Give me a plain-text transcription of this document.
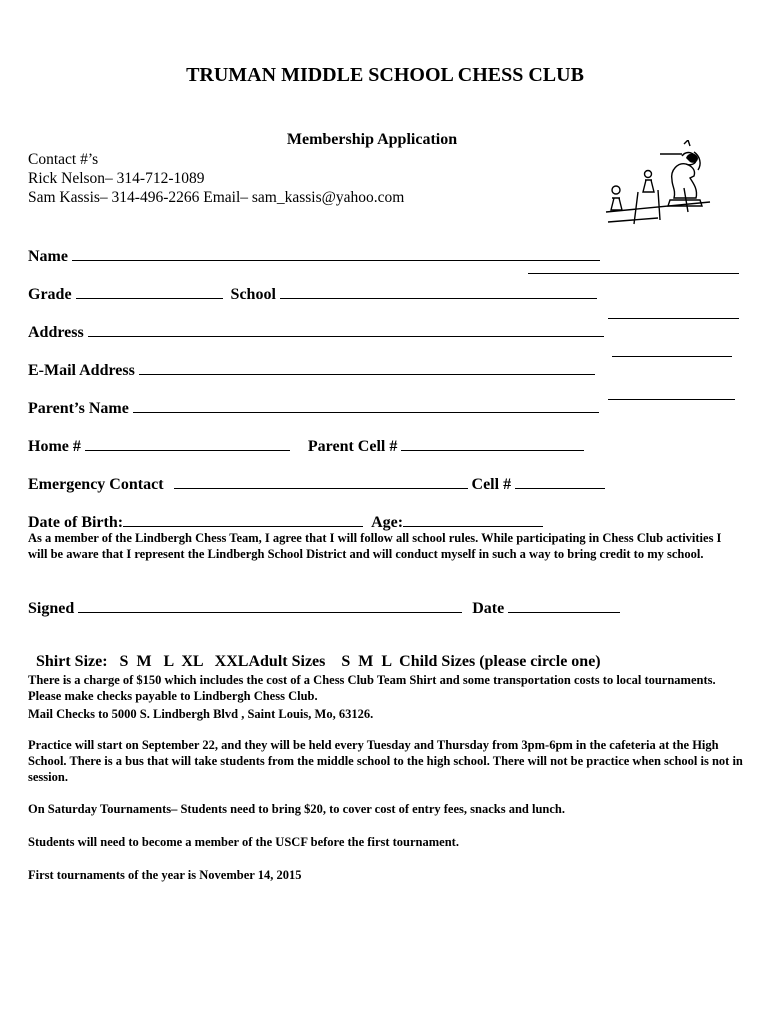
TRUMAN MIDDLE SCHOOL CHESS CLUB
Membership Application
Contact #’s
Rick Nelson– 314-712-1089
Sam Kassis– 314-496-2266 Email– sam_kassis@yahoo.com
Name
Grade	School
Address
E-Mail Address
Parent’s Name
Home #	Parent Cell #
Emergency Contact	Cell #
Date of Birth:	Age:
As a member of the Lindbergh Chess Team, I agree that I will follow all school rules. While participating in Chess Club activities I will be aware that I represent the Lindbergh School District and will conduct myself in such a way to bring credit to my school.
Signed	Date

Shirt Size: S  M   L  XL   XXLAdult Sizes S  M  L Child Sizes (please circle one)

There is a charge of $150 which includes the cost of a Chess Club Team Shirt and some transportation costs to local tournaments. Please make checks payable to Lindbergh Chess Club.
Mail Checks to 5000 S. Lindbergh Blvd , Saint Louis, Mo, 63126.
Practice will start on September 22, and they will be held every Tuesday and Thursday from 3pm-6pm in the cafeteria at the High School. There is a bus that will take students from the middle school to the high school. There will not be practice when school is not in session.
On Saturday Tournaments– Students need to bring $20, to cover cost of entry fees, snacks and lunch.
Students will need to become a member of the USCF before the first tournament.
First tournaments of the year is November 14, 2015
